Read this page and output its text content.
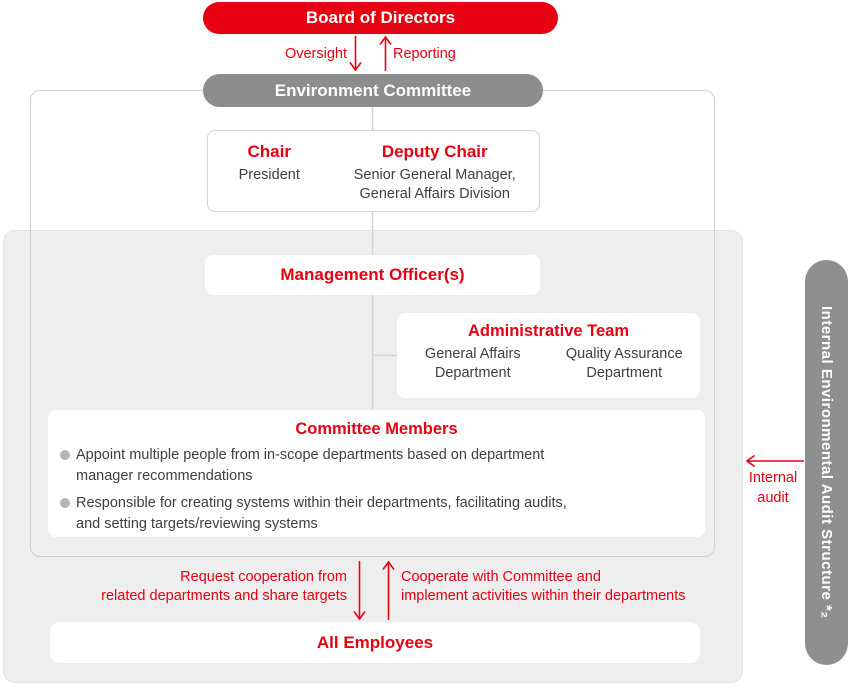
Board of Directors
Oversight	Reporting
Environment Committee
Chair
President
Deputy Chair
Senior General Manager,
General Affairs Division
Management Officer(s)
Administrative Team
General Affairs
Department
Quality Assurance
Department
Committee Members
Appoint multiple people from in-scope departments based on department
manager recommendations
Responsible for creating systems within their departments, facilitating audits,
and setting targets/reviewing systems
Request cooperation from
related departments and share targets
Cooperate with Committee and
implement activities within their departments
All Employees
Internal Environmental Audit Structure *₂
Internal
audit
